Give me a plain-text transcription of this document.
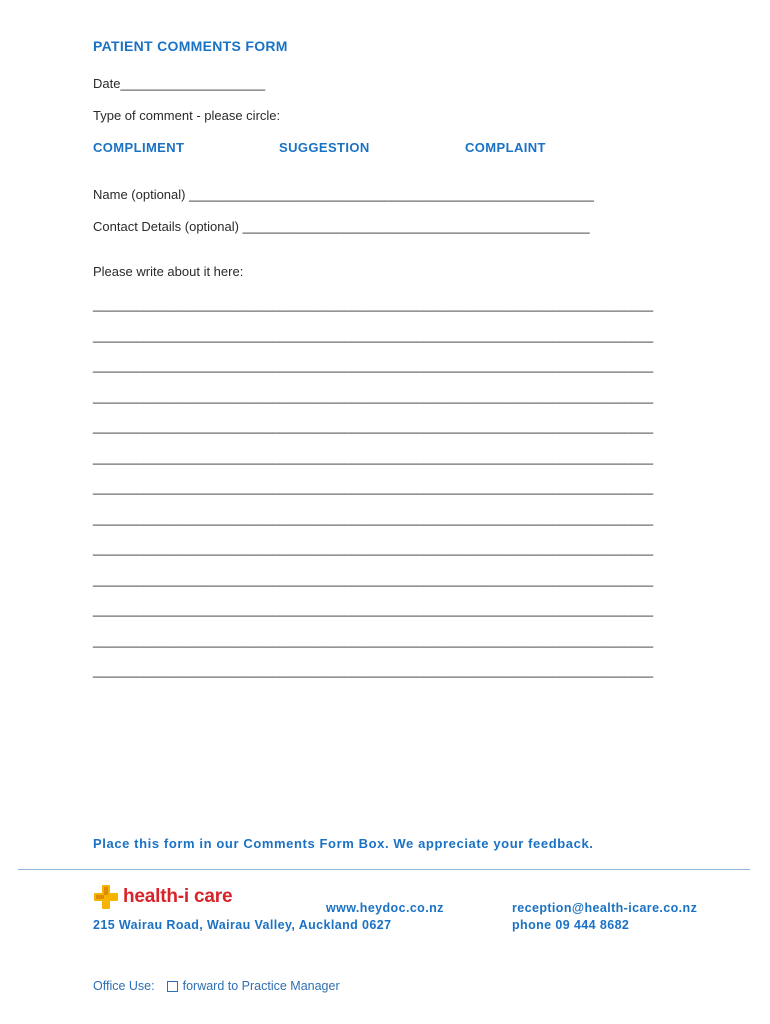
PATIENT COMMENTS FORM
Date____________________
Type of comment - please circle:
COMPLIMENT	SUGGESTION	COMPLAINT
Name (optional) ________________________________________________________
Contact Details (optional) ________________________________________________
Please write about it here:
______________________________________________________________________________
______________________________________________________________________________
______________________________________________________________________________
______________________________________________________________________________
______________________________________________________________________________
______________________________________________________________________________
______________________________________________________________________________
______________________________________________________________________________
______________________________________________________________________________
______________________________________________________________________________
______________________________________________________________________________
______________________________________________________________________________
______________________________________________________________________________
Place this form in our Comments Form Box. We appreciate your feedback.
health-i care
www.heydoc.co.nz	reception@health-icare.co.nz
215 Wairau Road, Wairau Valley, Auckland 0627	phone 09 444 8682
Office Use: forward to Practice Manager
